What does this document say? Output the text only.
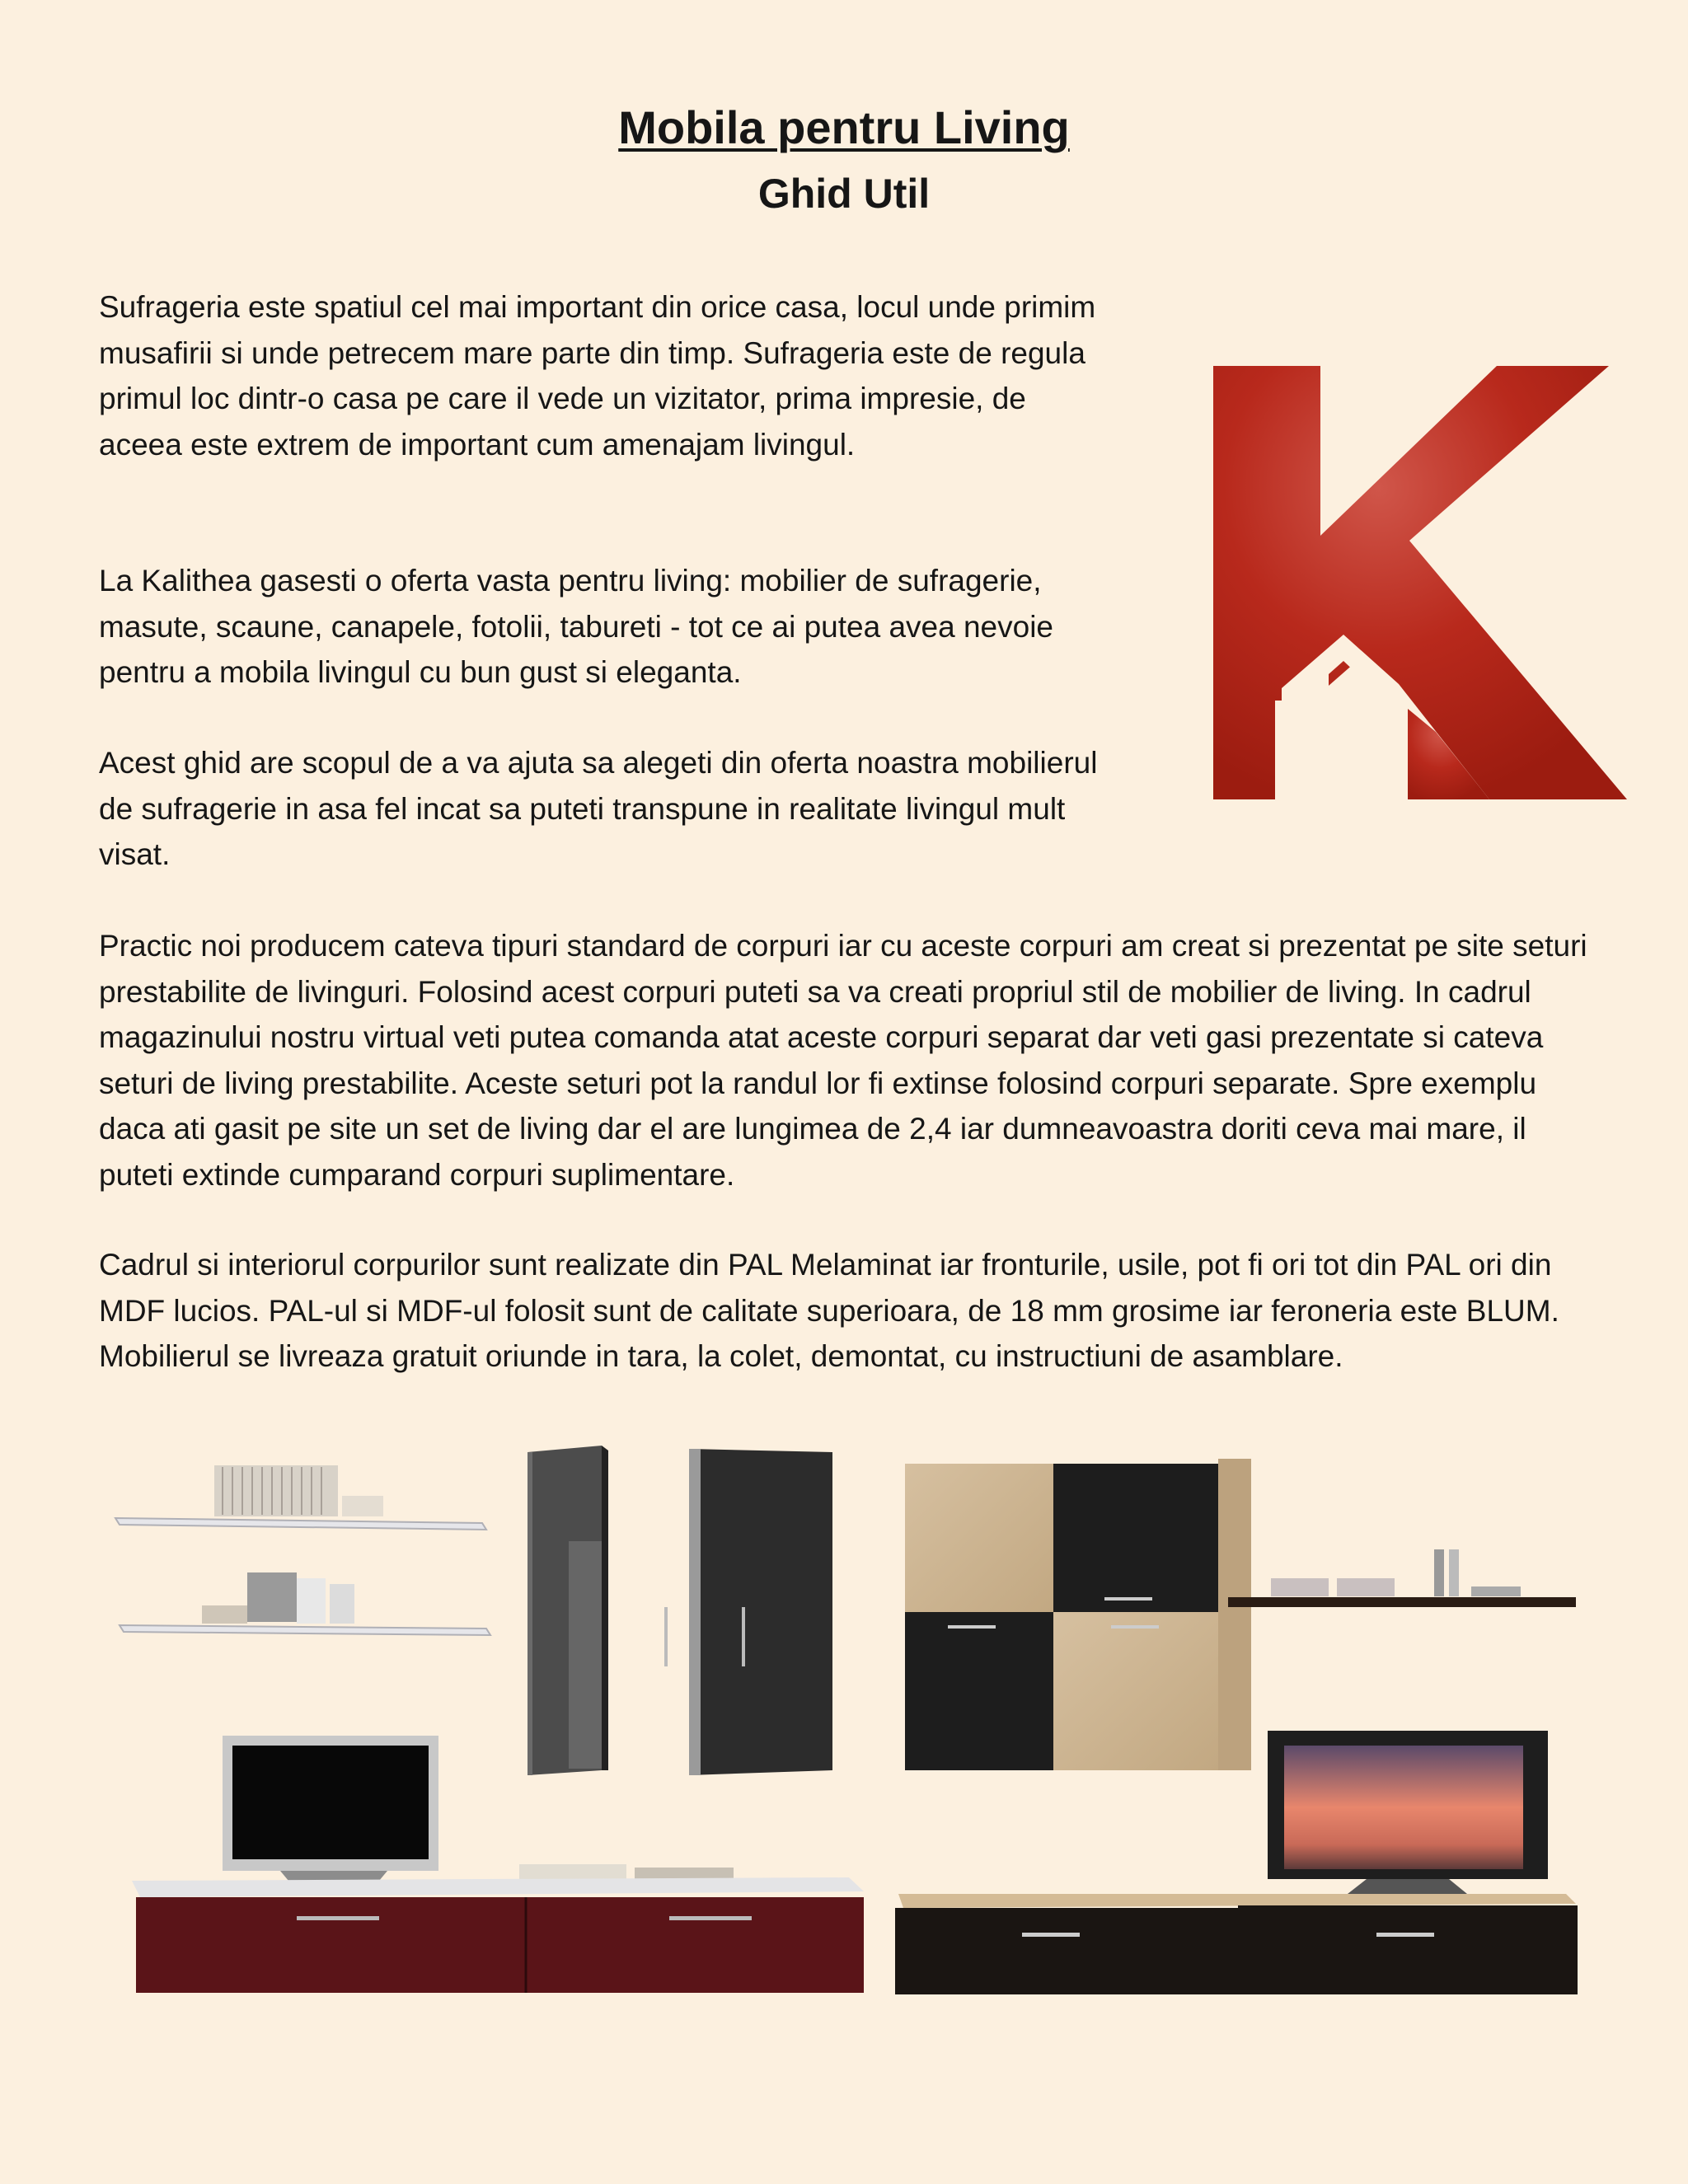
Mobila pentru Living
Ghid Util

Sufrageria este spatiul cel mai important din orice casa, locul unde primim musafirii si unde petrecem mare parte din timp. Sufrageria este de regula primul loc dintr-o casa pe care il vede un vizitator, prima impresie, de aceea este extrem de important cum amenajam livingul.

La Kalithea gasesti o oferta vasta pentru living: mobilier de sufragerie, masute, scaune, canapele, fotolii, tabureti - tot ce ai putea avea nevoie pentru a mobila livingul cu bun gust si eleganta.

Acest ghid are scopul de a va ajuta sa alegeti din oferta noastra mobilierul de sufragerie in asa fel incat sa puteti transpune in realitate livingul mult visat.

Practic noi producem cateva tipuri standard de corpuri iar cu aceste corpuri am creat si prezentat pe site seturi prestabilite de livinguri. Folosind acest corpuri puteti sa va creati propriul stil de mobilier de living. In cadrul magazinului nostru virtual veti putea comanda atat aceste corpuri separat dar veti gasi prezentate si cateva seturi de living prestabilite. Aceste seturi pot la randul lor fi extinse folosind corpuri separate. Spre exemplu daca ati gasit pe site un set de living dar el are lungimea de 2,4 iar dumneavoastra doriti ceva mai mare, il puteti extinde cumparand corpuri suplimentare.

Cadrul si interiorul corpurilor sunt realizate din PAL Melaminat iar fronturile, usile, pot fi ori tot din PAL ori din MDF lucios. PAL-ul si MDF-ul folosit sunt de calitate superioara, de 18 mm grosime iar feroneria este BLUM. Mobilierul se livreaza gratuit oriunde in tara, la colet, demontat, cu instructiuni de asamblare.
